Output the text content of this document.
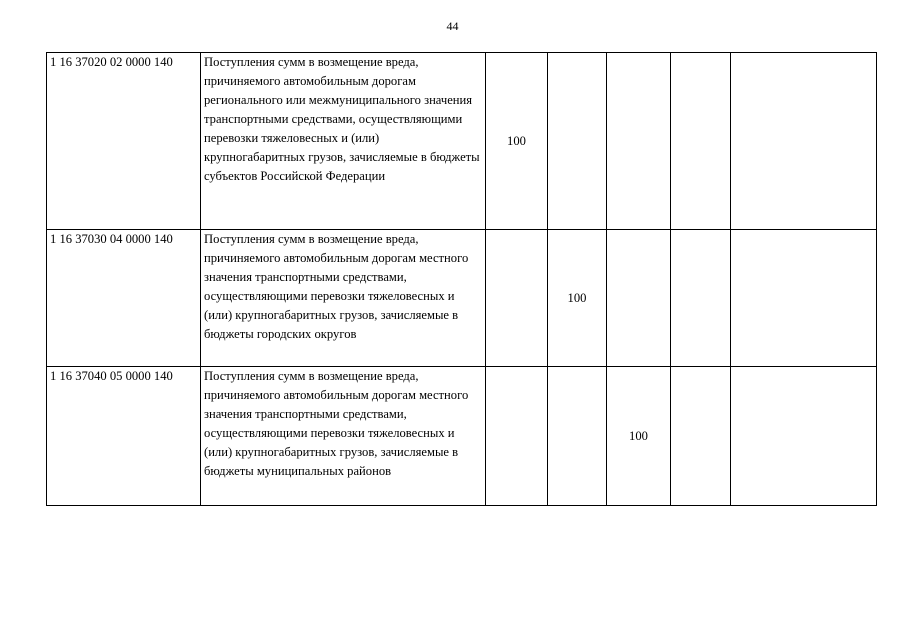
44
1 16 37020 02 0000 140	Поступления сумм в возмещение вреда, причиняемого автомобильным дорогам регионального или межмуниципального значения транспортными средствами, осуществляющими перевозки тяжеловесных и (или) крупногабаритных грузов, зачисляемые в бюджеты субъектов Российской Федерации	100				

1 16 37030 04 0000 140	Поступления сумм в возмещение вреда, причиняемого автомобильным дорогам местного значения транспортными средствами, осуществляющими перевозки тяжеловесных и (или) крупногабаритных грузов, зачисляемые в бюджеты городских округов		100			

1 16 37040 05 0000 140	Поступления сумм в возмещение вреда, причиняемого автомобильным дорогам местного значения транспортными средствами, осуществляющими перевозки тяжеловесных и (или) крупногабаритных грузов, зачисляемые в бюджеты муниципальных районов			100		
